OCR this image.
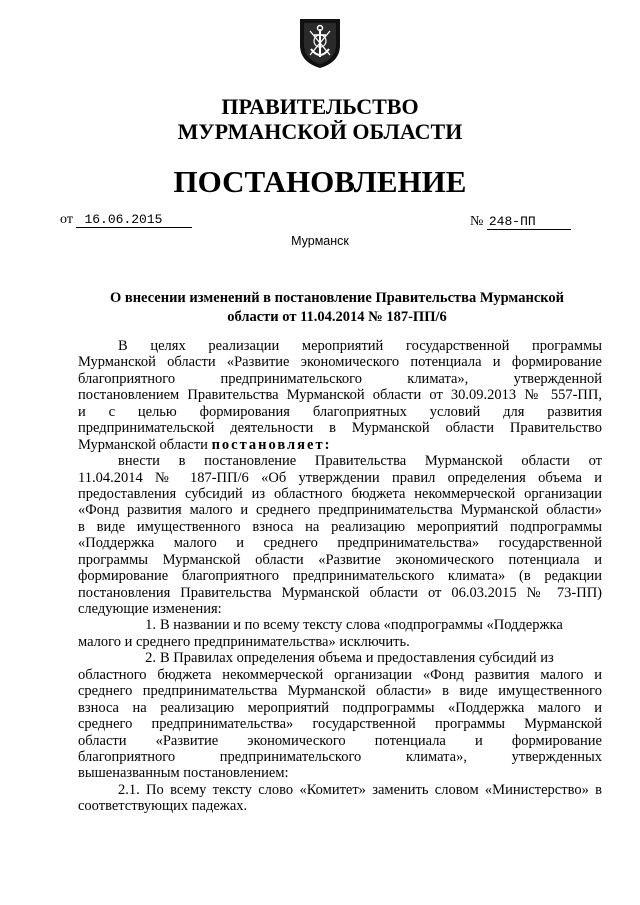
ПРАВИТЕЛЬСТВО
МУРМАНСКОЙ ОБЛАСТИ
ПОСТАНОВЛЕНИЕ
от 16.06.2015	№ 248-ПП
Мурманск
О внесении изменений в постановление Правительства Мурманской
области от 11.04.2014 № 187-ПП/6
В целях реализации мероприятий государственной программы
Мурманской области «Развитие экономического потенциала и формирование
благоприятного предпринимательского климата», утвержденной
постановлением Правительства Мурманской области от 30.09.2013 № 557-ПП,
и с целью формирования благоприятных условий для развития
предпринимательской деятельности в Мурманской области Правительство
Мурманской области постановляет:
внести в постановление Правительства Мурманской области от
11.04.2014 № 187-ПП/6 «Об утверждении правил определения объема и
предоставления субсидий из областного бюджета некоммерческой организации
«Фонд развития малого и среднего предпринимательства Мурманской области»
в виде имущественного взноса на реализацию мероприятий подпрограммы
«Поддержка малого и среднего предпринимательства» государственной
программы Мурманской области «Развитие экономического потенциала и
формирование благоприятного предпринимательского климата» (в редакции
постановления Правительства Мурманской области от 06.03.2015 № 73-ПП)
следующие изменения:
1. В названии и по всему тексту слова «подпрограммы «Поддержка
малого и среднего предпринимательства» исключить.
2. В Правилах определения объема и предоставления субсидий из
областного бюджета некоммерческой организации «Фонд развития малого и
среднего предпринимательства Мурманской области» в виде имущественного
взноса на реализацию мероприятий подпрограммы «Поддержка малого и
среднего предпринимательства» государственной программы Мурманской
области «Развитие экономического потенциала и формирование
благоприятного предпринимательского климата», утвержденных
вышеназванным постановлением:
2.1. По всему тексту слово «Комитет» заменить словом «Министерство» в
соответствующих падежах.
